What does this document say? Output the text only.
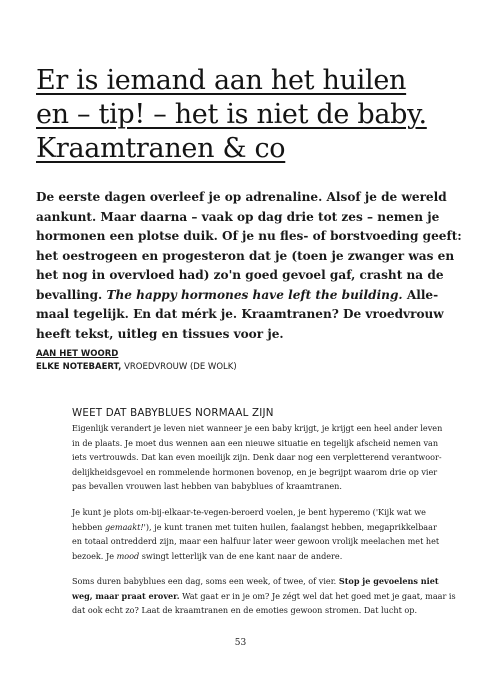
Er is iemand aan het huilen
en – tip! – het is niet de baby.
Kraamtranen & co
De eerste dagen overleef je op adrenaline. Alsof je de wereld
aankunt. Maar daarna – vaak op dag drie tot zes – nemen je
hormonen een plotse duik. Of je nu fles- of borstvoeding geeft:
het oestrogeen en progesteron dat je (toen je zwanger was en
het nog in overvloed had) zo'n goed gevoel gaf, crasht na de
bevalling. The happy hormones have left the building. Alle-
maal tegelijk. En dat mérk je. Kraamtranen? De vroedvrouw
heeft tekst, uitleg en tissues voor je.
AAN HET WOORD
ELKE NOTEBAERT, VROEDVROUW (DE WOLK)
WEET DAT BABYBLUES NORMAAL ZIJN
Eigenlijk verandert je leven niet wanneer je een baby krijgt, je krijgt een heel ander leven
in de plaats. Je moet dus wennen aan een nieuwe situatie en tegelijk afscheid nemen van
iets vertrouwds. Dat kan even moeilijk zijn. Denk daar nog een verpletterend verantwoor-
delijkheidsgevoel en rommelende hormonen bovenop, en je begrijpt waarom drie op vier
pas bevallen vrouwen last hebben van babyblues of kraamtranen.
Je kunt je plots om-bij-elkaar-te-vegen-beroerd voelen, je bent hyperemo ('Kijk wat we
hebben gemaakt!'), je kunt tranen met tuiten huilen, faalangst hebben, megaprikkelbaar
en totaal ontredderd zijn, maar een halfuur later weer gewoon vrolijk meelachen met het
bezoek. Je mood swingt letterlijk van de ene kant naar de andere.
Soms duren babyblues een dag, soms een week, of twee, of vier. Stop je gevoelens niet
weg, maar praat erover. Wat gaat er in je om? Je zégt wel dat het goed met je gaat, maar is
dat ook echt zo? Laat de kraamtranen en de emoties gewoon stromen. Dat lucht op.
53
